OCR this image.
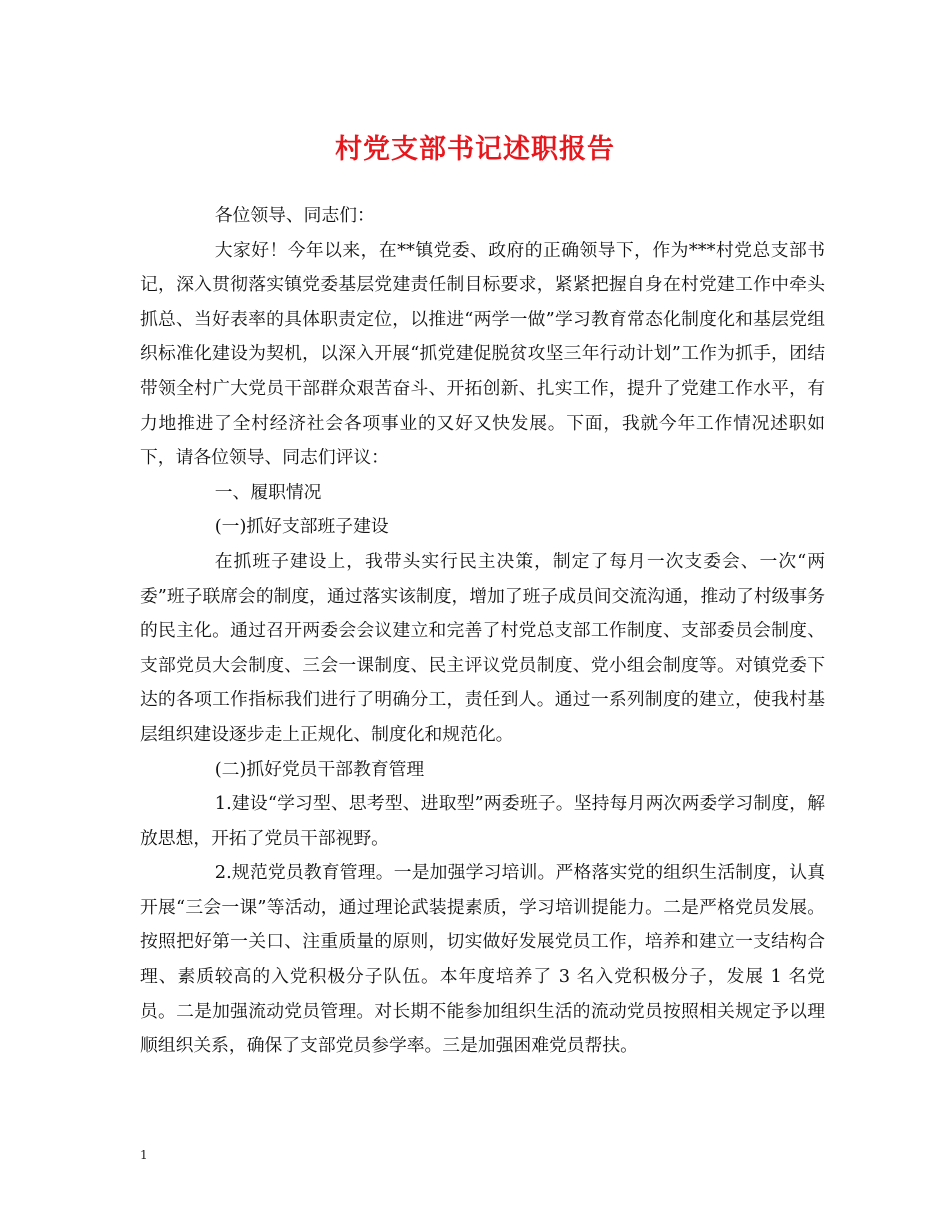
村党支部书记述职报告

各位领导、同志们：

大家好！今年以来，在**镇党委、政府的正确领导下，作为***村党总支部书记，深入贯彻落实镇党委基层党建责任制目标要求，紧紧把握自身在村党建工作中牵头抓总、当好表率的具体职责定位，以推进“两学一做”学习教育常态化制度化和基层党组织标准化建设为契机，以深入开展“抓党建促脱贫攻坚三年行动计划”工作为抓手，团结带领全村广大党员干部群众艰苦奋斗、开拓创新、扎实工作，提升了党建工作水平，有力地推进了全村经济社会各项事业的又好又快发展。下面，我就今年工作情况述职如下，请各位领导、同志们评议：

一、履职情况

(一)抓好支部班子建设

在抓班子建设上，我带头实行民主决策，制定了每月一次支委会、一次“两委”班子联席会的制度，通过落实该制度，增加了班子成员间交流沟通，推动了村级事务的民主化。通过召开两委会会议建立和完善了村党总支部工作制度、支部委员会制度、支部党员大会制度、三会一课制度、民主评议党员制度、党小组会制度等。对镇党委下达的各项工作指标我们进行了明确分工，责任到人。通过一系列制度的建立，使我村基层组织建设逐步走上正规化、制度化和规范化。

(二)抓好党员干部教育管理

1.建设“学习型、思考型、进取型”两委班子。坚持每月两次两委学习制度，解放思想，开拓了党员干部视野。

2.规范党员教育管理。一是加强学习培训。严格落实党的组织生活制度，认真开展“三会一课”等活动，通过理论武装提素质，学习培训提能力。二是严格党员发展。按照把好第一关口、注重质量的原则，切实做好发展党员工作，培养和建立一支结构合理、素质较高的入党积极分子队伍。本年度培养了 3 名入党积极分子，发展 1 名党员。二是加强流动党员管理。对长期不能参加组织生活的流动党员按照相关规定予以理顺组织关系，确保了支部党员参学率。三是加强困难党员帮扶。

1
